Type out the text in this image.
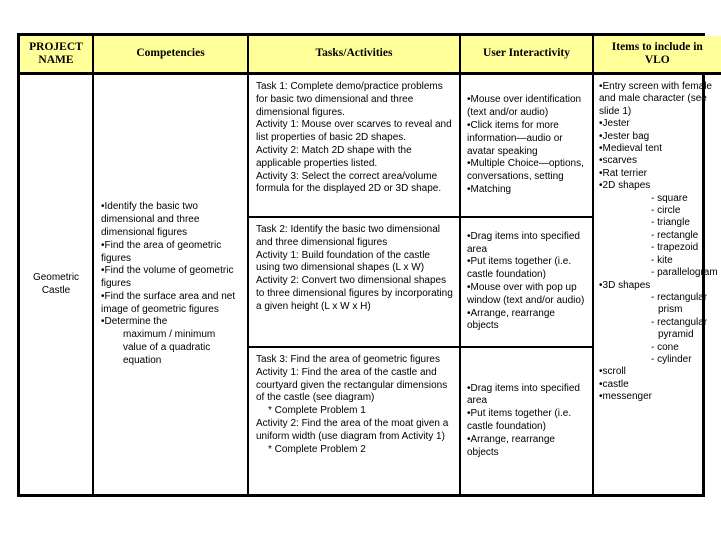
PROJECT NAME
Competencies	Tasks/Activities	User Interactivity
Items to include in VLO
Geometric Castle
•Identify the basic two dimensional and three dimensional figures
•Find the area of geometric figures
•Find the volume of geometric figures
•Find the surface area and net image of geometric figures
•Determine the
maximum / minimum value of a quadratic equation
Task 1: Complete demo/practice problems for basic two dimensional and three dimensional figures.
Activity 1: Mouse over scarves to reveal and list properties of basic 2D shapes.
Activity 2: Match 2D shape with the applicable properties listed.
Activity 3: Select the correct area/volume formula for the displayed 2D or 3D shape.
Task 2: Identify the basic two dimensional and three dimensional figures
Activity 1: Build foundation of the castle using two dimensional shapes (L x W)
Activity 2: Convert two dimensional shapes to three dimensional figures by incorporating a given height (L x W x H)
Task 3: Find the area of geometric figures
Activity 1: Find the area of the castle and courtyard given the rectangular dimensions of the castle (see diagram)
* Complete Problem 1
Activity 2: Find the area of the moat given a uniform width (use diagram from Activity 1)
* Complete Problem 2
•Mouse over identification (text and/or audio)
•Click items for more information—audio or avatar speaking
•Multiple Choice—options, conversations, setting
•Matching
•Drag items into specified area
•Put items together (i.e. castle foundation)
•Mouse over with pop up window (text and/or audio)
•Arrange, rearrange objects
•Drag items into specified area
•Put items together (i.e. castle foundation)
•Arrange, rearrange objects
•Entry screen with female and male character (see slide 1)
•Jester
•Jester bag
•Medieval tent
•scarves
•Rat terrier
•2D shapes
- square
- circle
- triangle
- rectangle
- trapezoid
- kite
- parallelogram
•3D shapes
- rectangular prism
- rectangular pyramid
- cone
- cylinder
•scroll
•castle
•messenger
